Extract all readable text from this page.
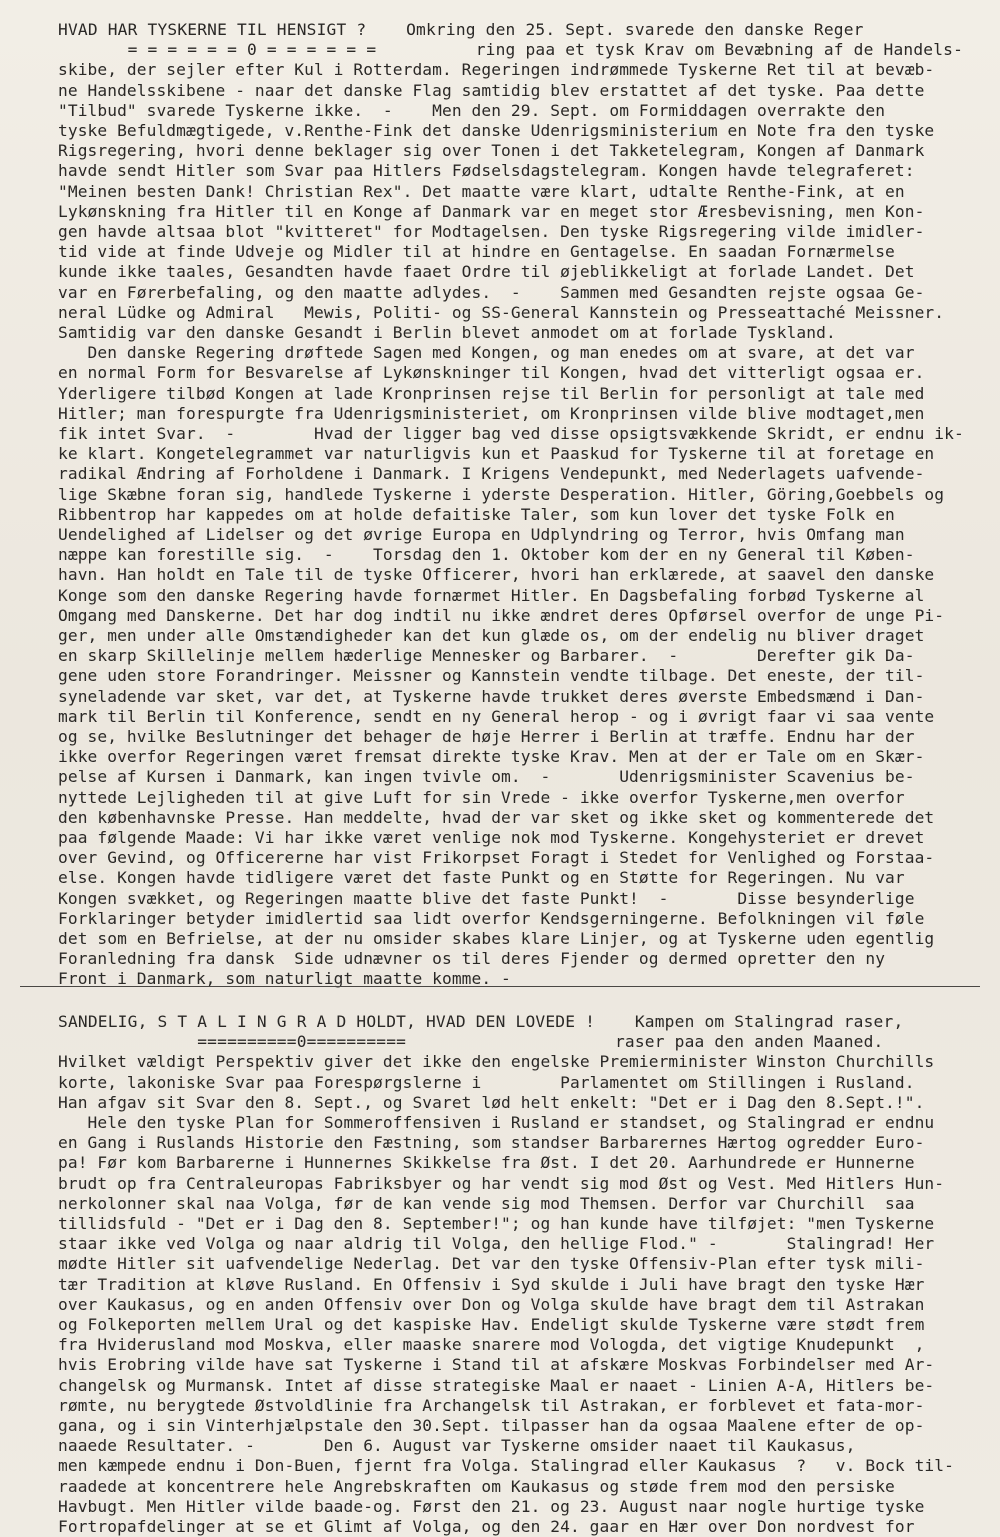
HVAD HAR TYSKERNE TIL HENSIGT ?    Omkring den 25. Sept. svarede den danske Reger
= = = = = = 0 = = = = = =          ring paa et tysk Krav om Bevæbning af de Handels-
skibe, der sejler efter Kul i Rotterdam. Regeringen indrømmede Tyskerne Ret til at bevæb-
ne Handelsskibene - naar det danske Flag samtidig blev erstattet af det tyske. Paa dette
"Tilbud" svarede Tyskerne ikke.  -    Men den 29. Sept. om Formiddagen overrakte den
tyske Befuldmægtigede, v.Renthe-Fink det danske Udenrigsministerium en Note fra den tyske
Rigsregering, hvori denne beklager sig over Tonen i det Takketelegram, Kongen af Danmark
havde sendt Hitler som Svar paa Hitlers Fødselsdagstelegram. Kongen havde telegraferet:
"Meinen besten Dank! Christian Rex". Det maatte være klart, udtalte Renthe-Fink, at en
Lykønskning fra Hitler til en Konge af Danmark var en meget stor Æresbevisning, men Kon-
gen havde altsaa blot "kvitteret" for Modtagelsen. Den tyske Rigsregering vilde imidler-
tid vide at finde Udveje og Midler til at hindre en Gentagelse. En saadan Fornærmelse
kunde ikke taales, Gesandten havde faaet Ordre til øjeblikkeligt at forlade Landet. Det
var en Førerbefaling, og den maatte adlydes.  -    Sammen med Gesandten rejste ogsaa Ge-
neral Lüdke og Admiral   Mewis, Politi- og SS-General Kannstein og Presseattaché Meissner.
Samtidig var den danske Gesandt i Berlin blevet anmodet om at forlade Tyskland.
Den danske Regering drøftede Sagen med Kongen, og man enedes om at svare, at det var
en normal Form for Besvarelse af Lykønskninger til Kongen, hvad det vitterligt ogsaa er.
Yderligere tilbød Kongen at lade Kronprinsen rejse til Berlin for personligt at tale med
Hitler; man forespurgte fra Udenrigsministeriet, om Kronprinsen vilde blive modtaget,men
fik intet Svar.  -        Hvad der ligger bag ved disse opsigtsvækkende Skridt, er endnu ik-
ke klart. Kongetelegrammet var naturligvis kun et Paaskud for Tyskerne til at foretage en
radikal Ændring af Forholdene i Danmark. I Krigens Vendepunkt, med Nederlagets uafvende-
lige Skæbne foran sig, handlede Tyskerne i yderste Desperation. Hitler, Göring,Goebbels og
Ribbentrop har kappedes om at holde defaitiske Taler, som kun lover det tyske Folk en
Uendelighed af Lidelser og det øvrige Europa en Udplyndring og Terror, hvis Omfang man
næppe kan forestille sig.  -    Torsdag den 1. Oktober kom der en ny General til Køben-
havn. Han holdt en Tale til de tyske Officerer, hvori han erklærede, at saavel den danske
Konge som den danske Regering havde fornærmet Hitler. En Dagsbefaling forbød Tyskerne al
Omgang med Danskerne. Det har dog indtil nu ikke ændret deres Opførsel overfor de unge Pi-
ger, men under alle Omstændigheder kan det kun glæde os, om der endelig nu bliver draget
en skarp Skillelinje mellem hæderlige Mennesker og Barbarer.  -        Derefter gik Da-
gene uden store Forandringer. Meissner og Kannstein vendte tilbage. Det eneste, der til-
syneladende var sket, var det, at Tyskerne havde trukket deres øverste Embedsmænd i Dan-
mark til Berlin til Konference, sendt en ny General herop - og i øvrigt faar vi saa vente
og se, hvilke Beslutninger det behager de høje Herrer i Berlin at træffe. Endnu har der
ikke overfor Regeringen været fremsat direkte tyske Krav. Men at der er Tale om en Skær-
pelse af Kursen i Danmark, kan ingen tvivle om.  -       Udenrigsminister Scavenius be-
nyttede Lejligheden til at give Luft for sin Vrede - ikke overfor Tyskerne,men overfor
den københavnske Presse. Han meddelte, hvad der var sket og ikke sket og kommenterede det
paa følgende Maade: Vi har ikke været venlige nok mod Tyskerne. Kongehysteriet er drevet
over Gevind, og Officererne har vist Frikorpset Foragt i Stedet for Venlighed og Forstaa-
else. Kongen havde tidligere været det faste Punkt og en Støtte for Regeringen. Nu var
Kongen svækket, og Regeringen maatte blive det faste Punkt!  -       Disse besynderlige
Forklaringer betyder imidlertid saa lidt overfor Kendsgerningerne. Befolkningen vil føle
det som en Befrielse, at der nu omsider skabes klare Linjer, og at Tyskerne uden egentlig
Foranledning fra dansk  Side udnævner os til deres Fjender og dermed opretter den ny
Front i Danmark, som naturligt maatte komme. -
SANDELIG, S T A L I N G R A D HOLDT, HVAD DEN LOVEDE !    Kampen om Stalingrad raser,
==========0==========                     raser paa den anden Maaned.
Hvilket vældigt Perspektiv giver det ikke den engelske Premierminister Winston Churchills
korte, lakoniske Svar paa Forespørgslerne i        Parlamentet om Stillingen i Rusland.
Han afgav sit Svar den 8. Sept., og Svaret lød helt enkelt: "Det er i Dag den 8.Sept.!".
Hele den tyske Plan for Sommeroffensiven i Rusland er standset, og Stalingrad er endnu
en Gang i Ruslands Historie den Fæstning, som standser Barbarernes Hærtog ogredder Euro-
pa! Før kom Barbarerne i Hunnernes Skikkelse fra Øst. I det 20. Aarhundrede er Hunnerne
brudt op fra Centraleuropas Fabriksbyer og har vendt sig mod Øst og Vest. Med Hitlers Hun-
nerkolonner skal naa Volga, før de kan vende sig mod Themsen. Derfor var Churchill  saa
tillidsfuld - "Det er i Dag den 8. September!"; og han kunde have tilføjet: "men Tyskerne
staar ikke ved Volga og naar aldrig til Volga, den hellige Flod." -       Stalingrad! Her
mødte Hitler sit uafvendelige Nederlag. Det var den tyske Offensiv-Plan efter tysk mili-
tær Tradition at kløve Rusland. En Offensiv i Syd skulde i Juli have bragt den tyske Hær
over Kaukasus, og en anden Offensiv over Don og Volga skulde have bragt dem til Astrakan
og Folkeporten mellem Ural og det kaspiske Hav. Endeligt skulde Tyskerne være stødt frem
fra Hviderusland mod Moskva, eller maaske snarere mod Vologda, det vigtige Knudepunkt  ,
hvis Erobring vilde have sat Tyskerne i Stand til at afskære Moskvas Forbindelser med Ar-
changelsk og Murmansk. Intet af disse strategiske Maal er naaet - Linien A-A, Hitlers be-
rømte, nu berygtede Østvoldlinie fra Archangelsk til Astrakan, er forblevet et fata-mor-
gana, og i sin Vinterhjælpstale den 30.Sept. tilpasser han da ogsaa Maalene efter de op-
naaede Resultater. -       Den 6. August var Tyskerne omsider naaet til Kaukasus,
men kæmpede endnu i Don-Buen, fjernt fra Volga. Stalingrad eller Kaukasus  ?   v. Bock til-
raadede at koncentrere hele Angrebskraften om Kaukasus og støde frem mod den persiske
Havbugt. Men Hitler vilde baade-og. Først den 21. og 23. August naar nogle hurtige tyske
Fortropafdelinger at se et Glimt af Volga, og den 24. gaar en Hær over Don nordvest for
